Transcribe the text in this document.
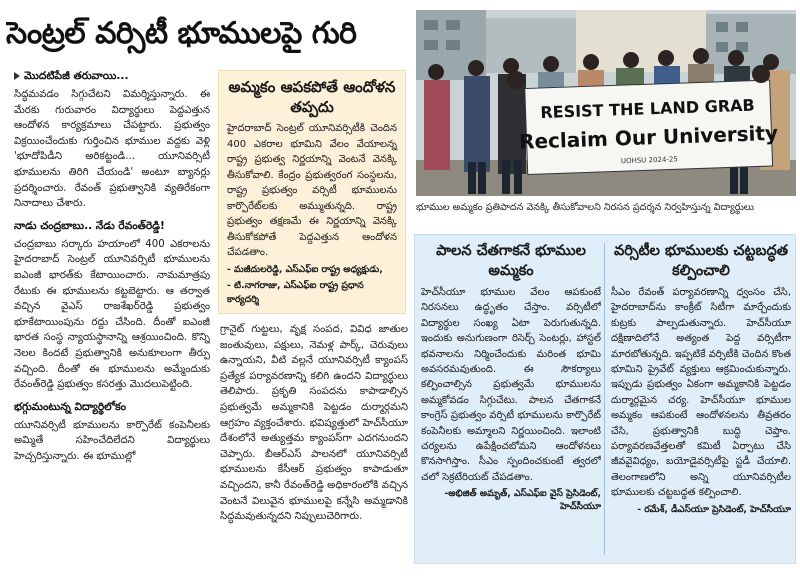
సెంట్రల్ వర్సిటీ భూములపై గురి
RESIST THE LAND GRAB
Reclaim Our University
UOHSU 2024-25
భూముల అమ్మకం ప్రతిపాదన వెనక్కి తీసుకోవాలని నిరసన ప్రదర్శన నిర్వహిస్తున్న విద్యార్థులు
మొదటిపేజీ తరువాయి...
సిద్ధమవడం సిగ్గుచేటని విమర్శిస్తున్నారు. ఈ మేరకు గురువారం విద్యార్థులు పెద్దఎత్తున ఆందోళన కార్యక్రమాలు చేపట్టారు. ప్రభుత్వం విక్రయించేందుకు గుర్తించిన భూముల వద్దకు వెళ్లి 'భూదోపిడీని అరికట్టండి... యూనివర్సిటీ భూములను తిరిగి చేయండి' అంటూ బ్యానర్లు ప్రదర్శించారు. రేవంత్ ప్రభుత్వానికి వ్యతిరేకంగా నినాదాలు చేశారు.
నాడు చంద్రబాబు.. నేడు రేవంత్‌రెడ్డి!
చంద్రబాబు సర్కారు హయాంలో 400 ఎకరాలను హైదరాబాద్ సెంట్రల్ యూనివర్సిటీ భూములను ఐఎంజీ భారత్‌కు కేటాయించారు. నామమాత్రపు రేటుకు ఈ భూములను కట్టబెట్టారు. ఆ తర్వాత వచ్చిన వైఎస్ రాజశేఖర్‌రెడ్డి ప్రభుత్వం భూకేటాయింపును రద్దు చేసింది. దీంతో ఐఎంజీ భారత సంస్థ న్యాయస్థానాన్ని ఆశ్రయించింది. కొన్ని నెలల కిందటే ప్రభుత్వానికి అనుకూలంగా తీర్పు వచ్చింది. దీంతో ఈ భూములను అమ్మేందుకు రేవంత్‌రెడ్డి ప్రభుత్వం కసరత్తు మొదలుపెట్టింది.
భగ్గుమంటున్న విద్యార్థిలోకం
యూనివర్సిటీ భూములను కార్పొరేట్ కంపెనీలకు అమ్మితే సహించేదిలేదని విద్యార్థులు హెచ్చరిస్తున్నారు. ఈ భూముల్లో
అమ్మకం ఆపకపోతే ఆందోళన తప్పదు
హైదరాబాద్ సెంట్రల్ యూనివర్సిటీకి చెందిన 400 ఎకరాల భూమిని వేలం వేయాలన్న రాష్ట్ర ప్రభుత్వ నిర్ణయాన్ని వెంటనే వెనక్కి తీసుకోవాలి. కేంద్రం ప్రభుత్వరంగ సంస్థలను, రాష్ట్ర ప్రభుత్వం వర్సిటీ భూములను కార్పొరేట్‌లకు అమ్ముతున్నది. రాష్ట్ర ప్రభుత్వం తక్షణమే ఈ నిర్ణయాన్ని వెనక్కి తీసుకోకపోతే పెద్దఎత్తున ఆందోళన చేపడతాం.
- మజీదులరెడ్డి, ఎస్ఎఫ్ఐ రాష్ట్ర అధ్యక్షుడు,
- టి.నాగరాజు, ఎస్ఎఫ్ఐ రాష్ట్ర ప్రధాన కార్యదర్శి
గ్రానైట్ గుట్టలు, వృక్ష సంపద, వివిధ జాతుల జంతువులు, పక్షులు, నెమళ్ల పార్క్, చెరువులు ఉన్నాయని, వీటి వల్లనే యూనివర్సిటీ క్యాంపస్ ప్రత్యేక పర్యావరణాన్ని కలిగి ఉందని విద్యార్థులు తెలిపారు. ప్రకృతి సంపదను కాపాడాల్సిన ప్రభుత్వమే అమ్మకానికి పెట్టడం దుర్మార్గమని ఆగ్రహం వ్యక్తంచేశారు. భవిష్యత్తులో హెచ్‌సీయూ దేశంలోనే అత్యుత్తమ క్యాంపస్‌గా ఎదగనుందని చెప్పారు. బీఆర్ఎస్ పాలనలో యూనివర్సిటీ భూములను కేసీఆర్ ప్రభుత్వం కాపాడుతూ వచ్చిందని, కానీ రేవంత్‌రెడ్డి అధికారంలోకి వచ్చిన వెంటనే విలువైన భూములపై కన్నేసి అమ్మడానికి సిద్ధమవుతున్నదని నిప్పులుచెరిగారు.
పాలన చేతగాకనే భూముల అమ్మకం
హెచ్‌సీయూ భూముల వేలం ఆపకుంటే నిరసనలు ఉద్ధృతం చేస్తాం. వర్సిటీలో విద్యార్థుల సంఖ్య ఏటా పెరుగుతున్నది. ఇందుకు అనుగుణంగా రిసెర్చ్ సెంటర్లు, హాస్టల్ భవనాలను నిర్మించేందుకు మరింత భూమి అవసరమవుతుంది. ఈ సౌకర్యాలు కల్పించాల్సిన ప్రభుత్వమే భూములను అమ్మకోవడం సిగ్గుచేటు. పాలన చేతగాకనే కాంగ్రెస్ ప్రభుత్వం వర్సిటీ భూములను కార్పొరేట్ కంపెనీలకు అమ్మాలని నిర్ణయించింది. ఇలాంటి చర్యలను ఉపేక్షించబోమని ఆందోళనలు కొనసాగిస్తాం. సీఎం స్పందించకుంటే త్వరలో చలో సెక్రటేరియట్ చేపడతాం.
-అభిజిత్ అమృత్, ఎస్ఎఫ్ఐ వైస్ ప్రెసిడెంట్, హెచ్‌సీయూ
వర్సిటీల భూములకు చట్టబద్ధత కల్పించాలి
సీఎం రేవంత్ పర్యావరణాన్ని ధ్వంసం చేసి, హైదరాబాద్‌ను కాంక్రీట్ సిటీగా మార్చేందుకు కుట్రకు పాల్పడుతున్నారు. హెచ్‌సీయూ దక్షిణాదిలోనే అత్యంత పెద్ద వర్సిటీగా మారబోతున్నది. ఇప్పటికే వర్సిటీకి చెందిన కొంత భూమిని ప్రైవేట్ వ్యక్తులు ఆక్రమించుకున్నారు. ఇప్పుడు ప్రభుత్వం ఏకంగా అమ్మకానికి పెట్టడం దుర్మార్గమైన చర్య. హెచ్‌సీయూ భూముల అమ్మకం ఆపకుంటే ఆందోళనలను తీవ్రతరం చేసి, ప్రభుత్వానికి బుద్ధి చెప్తాం. పర్యావరణవేత్తలతో కమిటీ ఏర్పాటు చేసి జీవవైవిధ్యం, బయోడైవర్సిటీపై స్టడీ చేయాలి. తెలంగాణలోని అన్ని యూనివర్సిటీల భూములకు చట్టబద్ధత కల్పించాలి.
- రమేశ్, డీఎస్‌యూ ప్రెసిడెంట్, హెచ్‌సీయూ
